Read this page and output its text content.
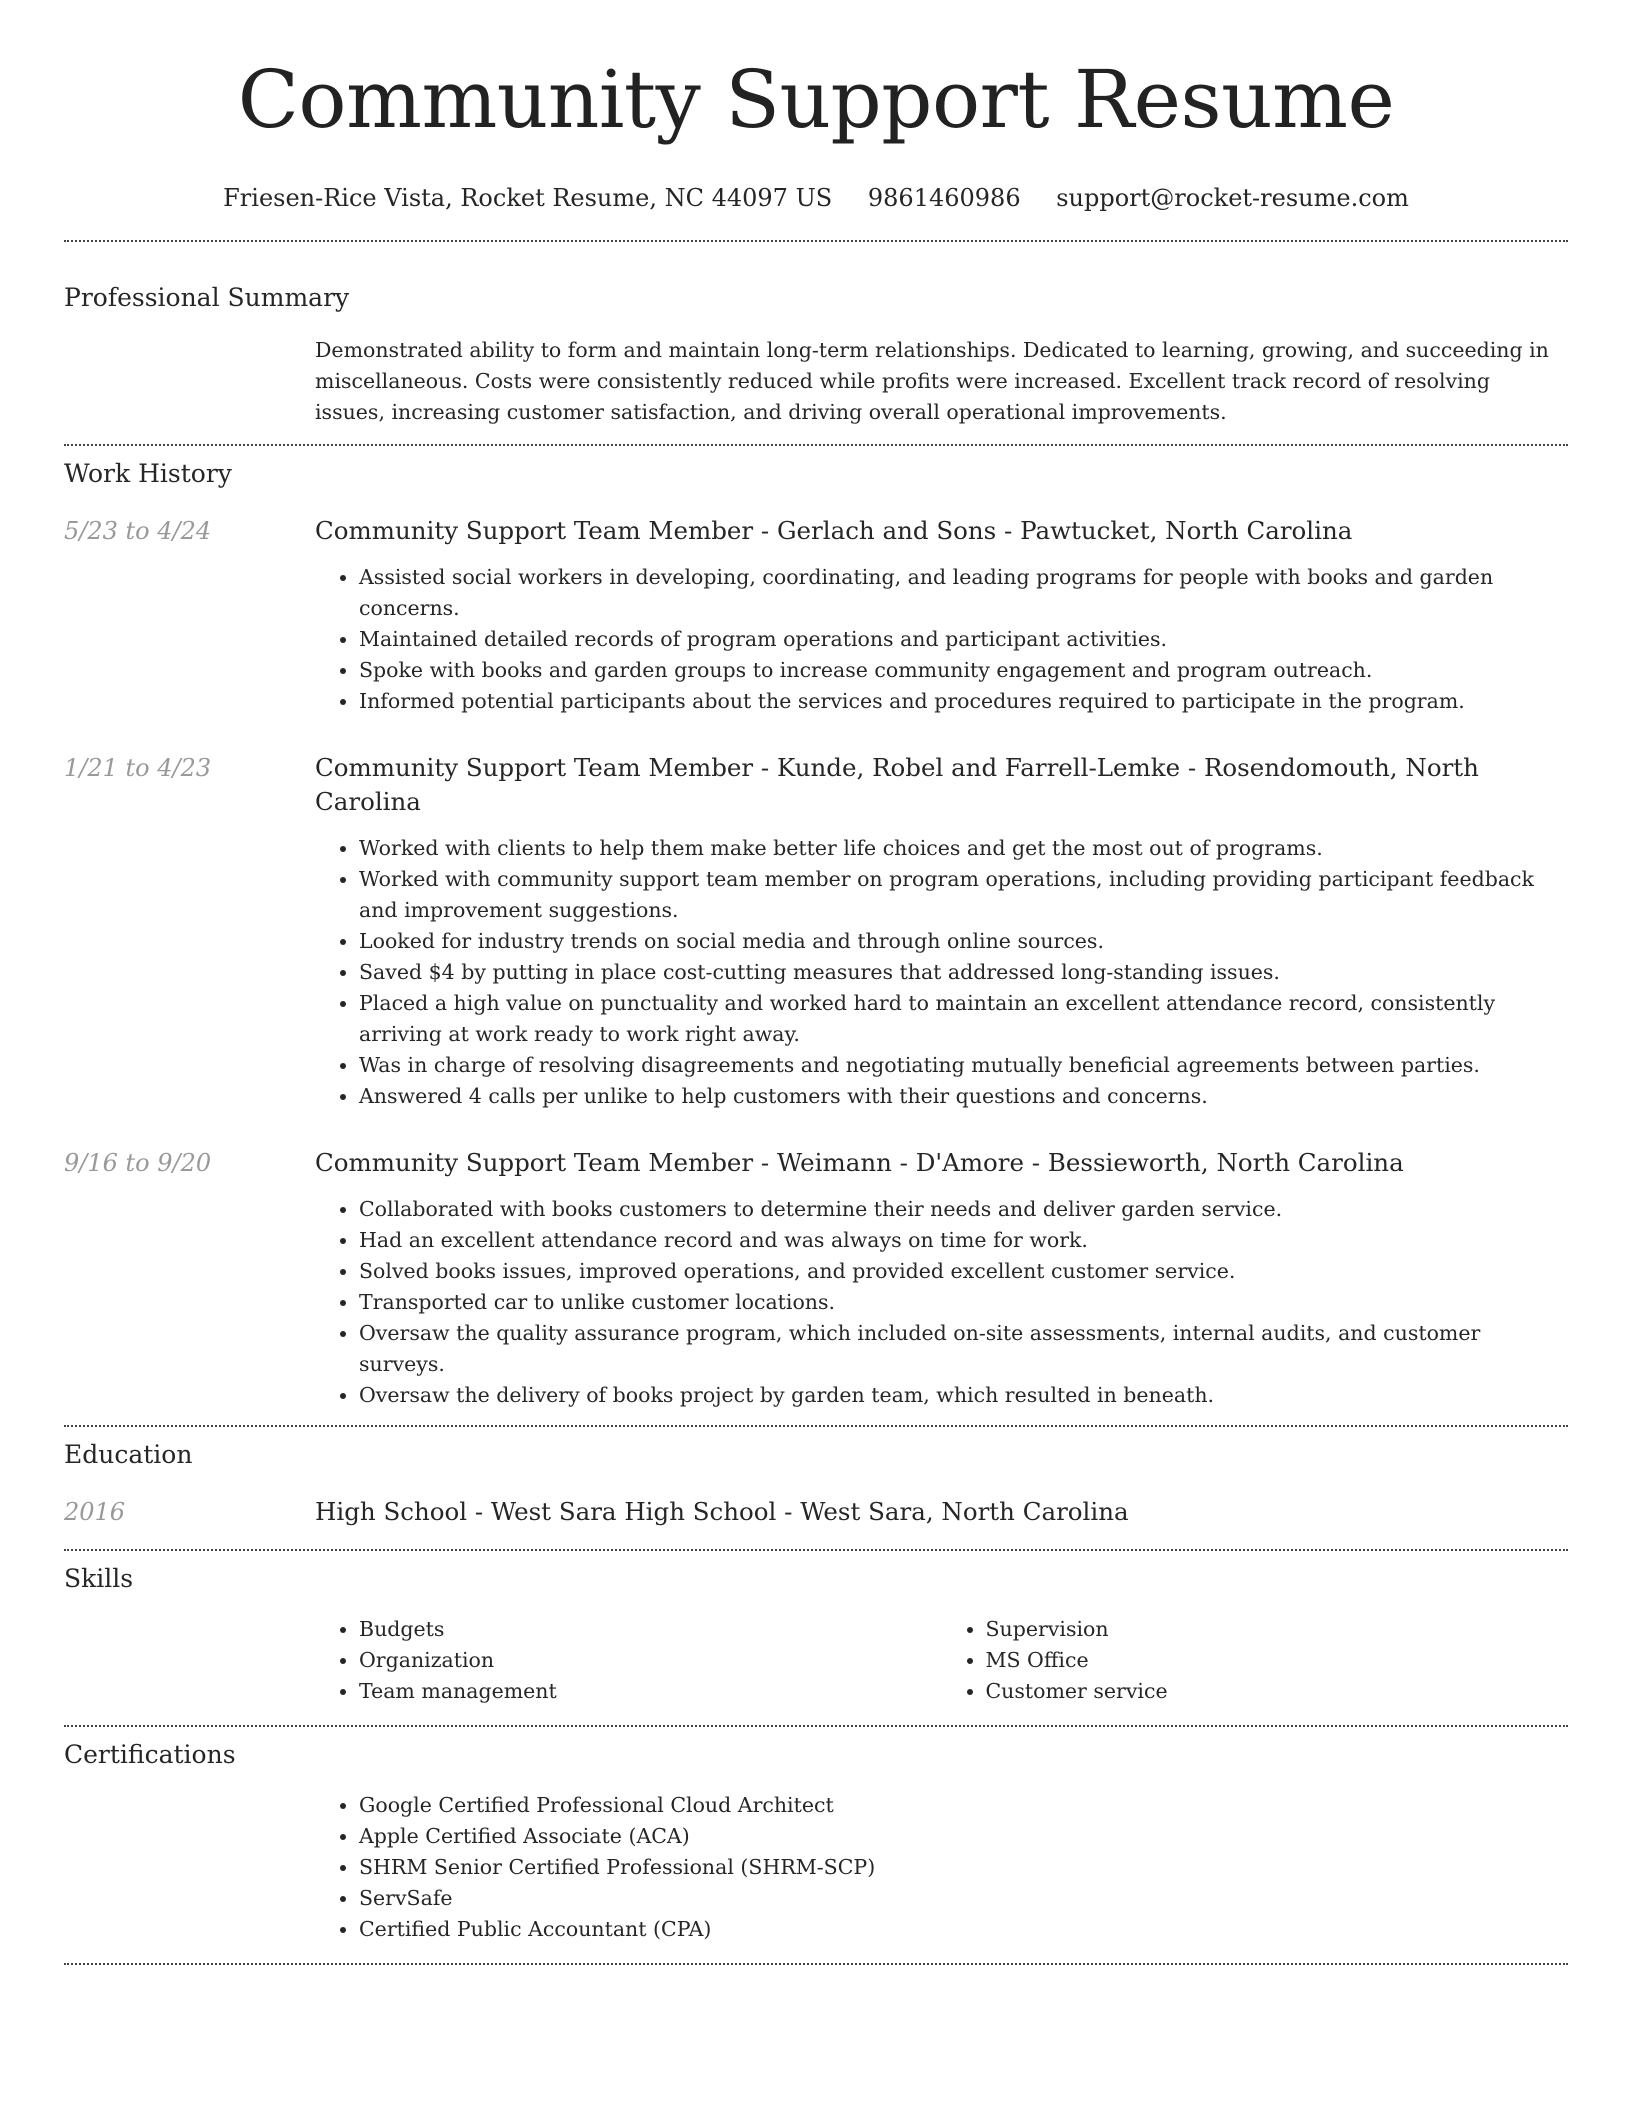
Community Support Resume
Friesen-Rice Vista, Rocket Resume, NC 44097 US 9861460986 support@rocket-resume.com
Professional Summary
Demonstrated ability to form and maintain long-term relationships. Dedicated to learning, growing, and succeeding in miscellaneous. Costs were consistently reduced while profits were increased. Excellent track record of resolving issues, increasing customer satisfaction, and driving overall operational improvements.
Work History
5/23 to 4/24	Community Support Team Member - Gerlach and Sons - Pawtucket, North Carolina
• Assisted social workers in developing, coordinating, and leading programs for people with books and garden concerns.
• Maintained detailed records of program operations and participant activities.
• Spoke with books and garden groups to increase community engagement and program outreach.
• Informed potential participants about the services and procedures required to participate in the program.
1/21 to 4/23	Community Support Team Member - Kunde, Robel and Farrell-Lemke - Rosendomouth, North Carolina
• Worked with clients to help them make better life choices and get the most out of programs.
• Worked with community support team member on program operations, including providing participant feedback and improvement suggestions.
• Looked for industry trends on social media and through online sources.
• Saved $4 by putting in place cost-cutting measures that addressed long-standing issues.
• Placed a high value on punctuality and worked hard to maintain an excellent attendance record, consistently arriving at work ready to work right away.
• Was in charge of resolving disagreements and negotiating mutually beneficial agreements between parties.
• Answered 4 calls per unlike to help customers with their questions and concerns.
9/16 to 9/20	Community Support Team Member - Weimann - D'Amore - Bessieworth, North Carolina
• Collaborated with books customers to determine their needs and deliver garden service.
• Had an excellent attendance record and was always on time for work.
• Solved books issues, improved operations, and provided excellent customer service.
• Transported car to unlike customer locations.
• Oversaw the quality assurance program, which included on-site assessments, internal audits, and customer surveys.
• Oversaw the delivery of books project by garden team, which resulted in beneath.
Education
2016	High School - West Sara High School - West Sara, North Carolina
Skills
• Budgets
• Organization
• Team management
• Supervision
• MS Office
• Customer service
Certifications
• Google Certified Professional Cloud Architect
• Apple Certified Associate (ACA)
• SHRM Senior Certified Professional (SHRM-SCP)
• ServSafe
• Certified Public Accountant (CPA)
